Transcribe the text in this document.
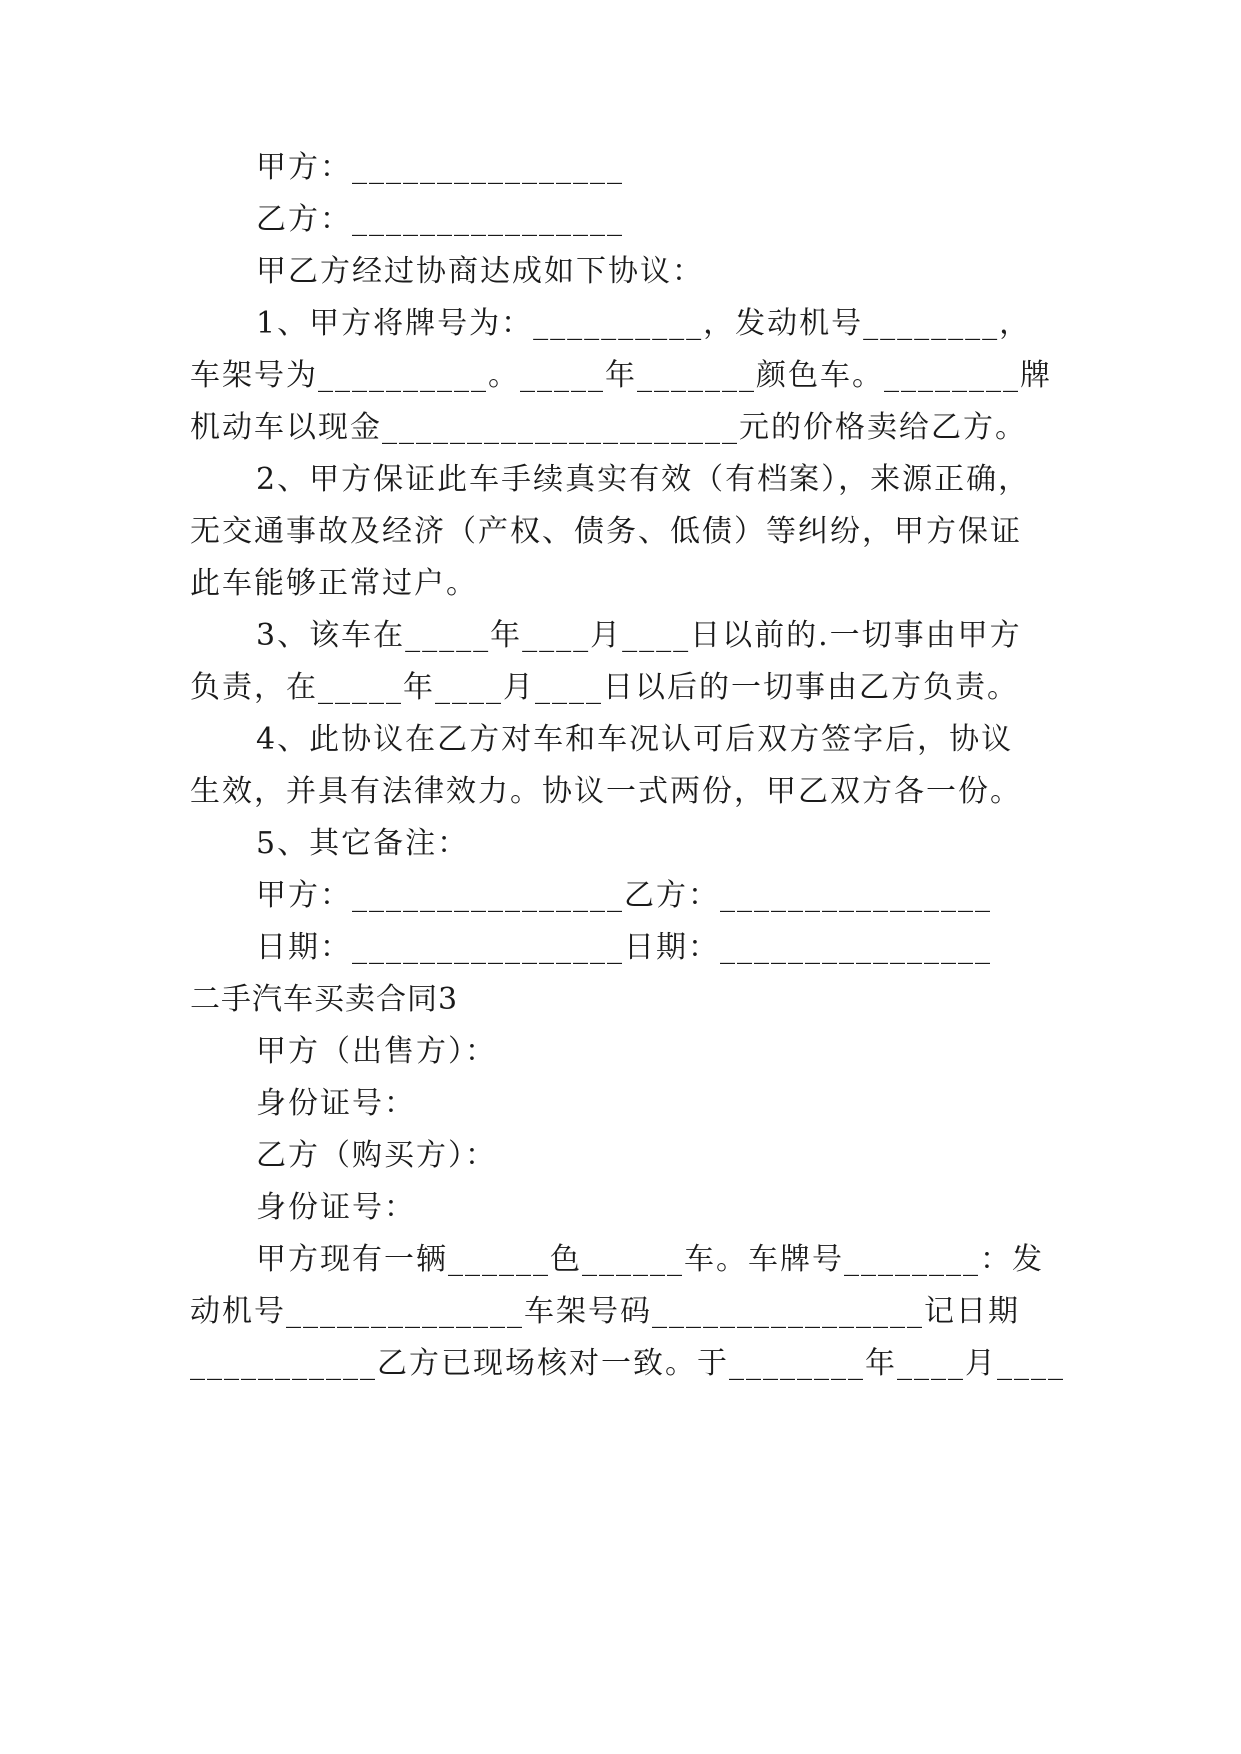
甲方：________________
乙方：________________
甲乙方经过协商达成如下协议：
1、甲方将牌号为：__________，发动机号________，
车架号为__________。_____年_______颜色车。________牌
机动车以现金_____________________元的价格卖给乙方。
2、甲方保证此车手续真实有效（有档案），来源正确，
无交通事故及经济（产权、债务、低债）等纠纷，甲方保证
此车能够正常过户。
3、该车在_____年____月____日以前的.一切事由甲方
负责，在_____年____月____日以后的一切事由乙方负责。
4、此协议在乙方对车和车况认可后双方签字后，协议
生效，并具有法律效力。协议一式两份，甲乙双方各一份。
5、其它备注：
甲方：________________乙方：________________
日期：________________日期：________________
二手汽车买卖合同3
甲方（出售方）：
身份证号：
乙方（购买方）：
身份证号：
甲方现有一辆______色______车。车牌号________：发
动机号______________车架号码________________记日期
___________乙方已现场核对一致。于________年____月____
